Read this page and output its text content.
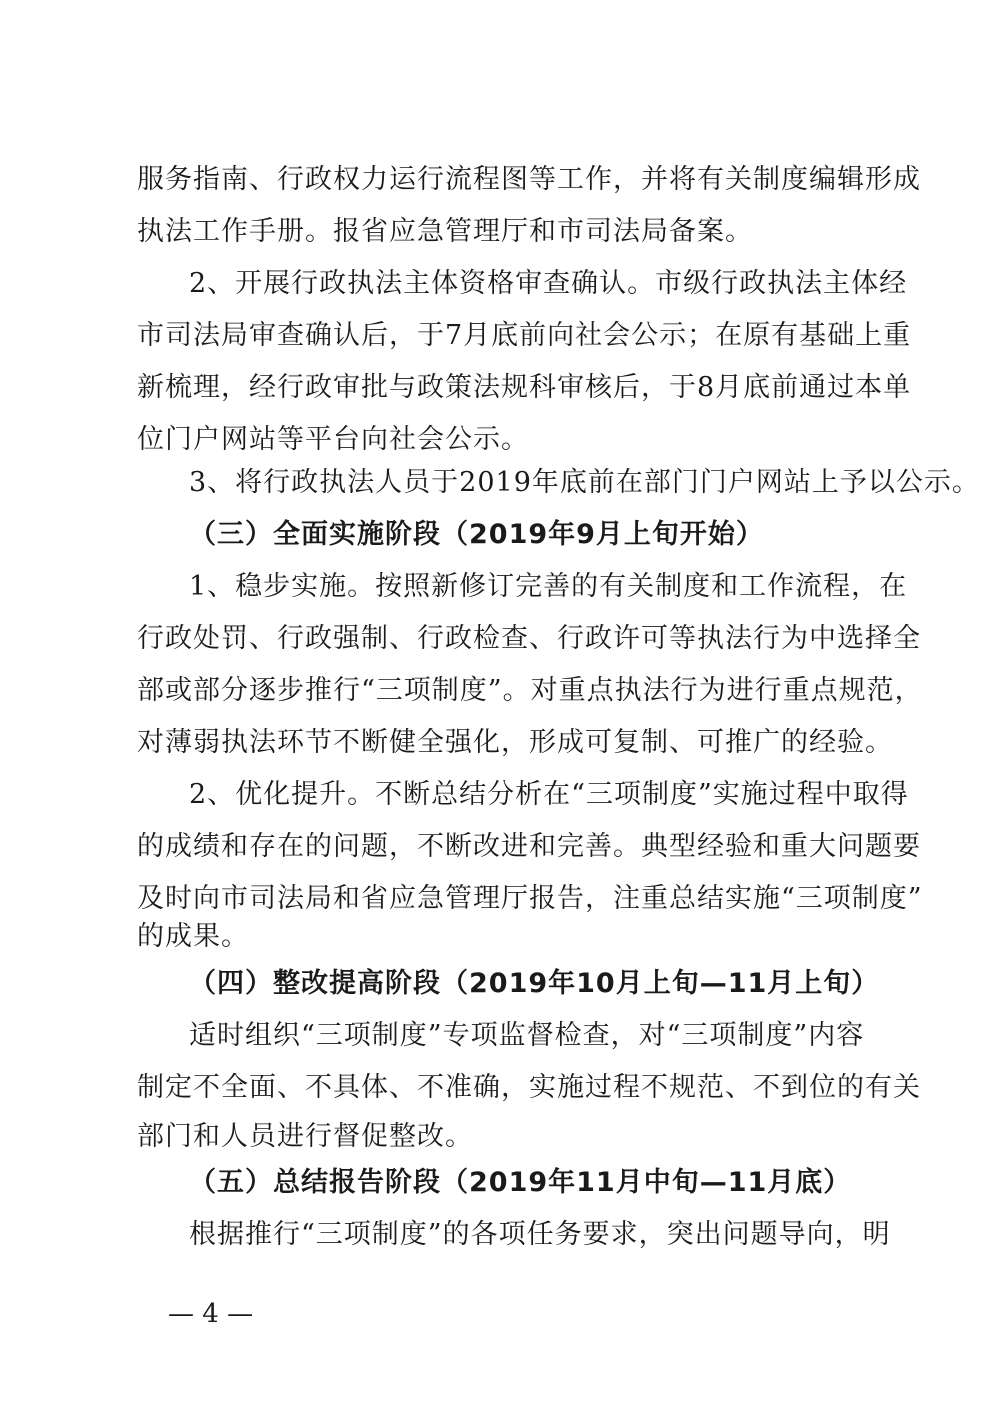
服务指南、行政权力运行流程图等工作，并将有关制度编辑形成
执法工作手册。报省应急管理厅和市司法局备案。
2、开展行政执法主体资格审查确认。市级行政执法主体经
市司法局审查确认后，于7月底前向社会公示；在原有基础上重
新梳理，经行政审批与政策法规科审核后，于8月底前通过本单
位门户网站等平台向社会公示。
3、将行政执法人员于2019年底前在部门门户网站上予以公示。
（三）全面实施阶段（2019年9月上旬开始）
1、稳步实施。按照新修订完善的有关制度和工作流程，在
行政处罚、行政强制、行政检查、行政许可等执法行为中选择全
部或部分逐步推行“三项制度”。对重点执法行为进行重点规范，
对薄弱执法环节不断健全强化，形成可复制、可推广的经验。
2、优化提升。不断总结分析在“三项制度”实施过程中取得
的成绩和存在的问题，不断改进和完善。典型经验和重大问题要
及时向市司法局和省应急管理厅报告，注重总结实施“三项制度”
的成果。
（四）整改提高阶段（2019年10月上旬—11月上旬）
适时组织“三项制度”专项监督检查，对“三项制度”内容
制定不全面、不具体、不准确，实施过程不规范、不到位的有关
部门和人员进行督促整改。
（五）总结报告阶段（2019年11月中旬—11月底）
根据推行“三项制度”的各项任务要求，突出问题导向，明
— 4 —
